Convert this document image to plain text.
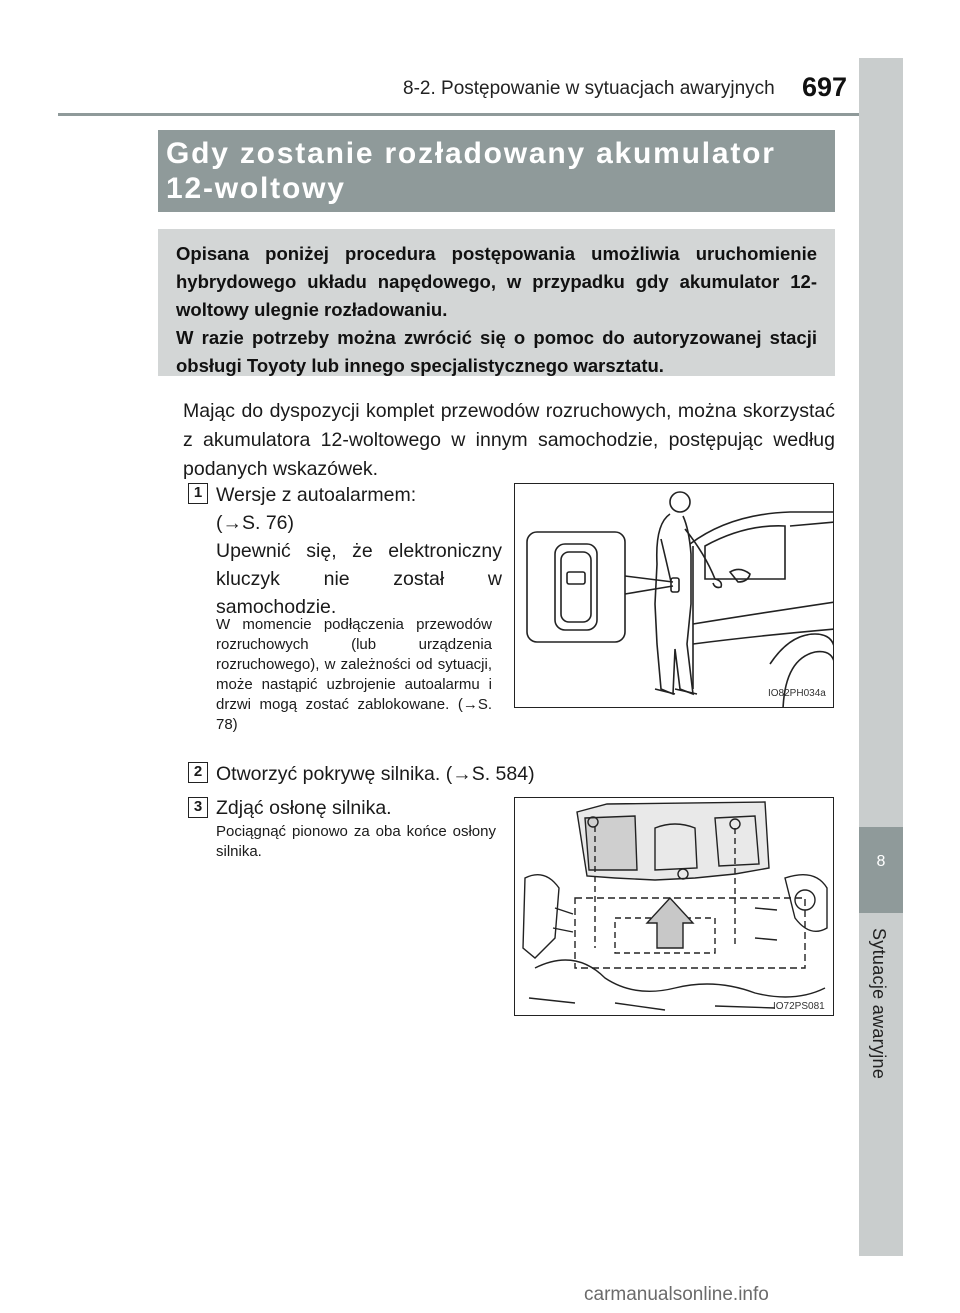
8-2. Postępowanie w sytuacjach awaryjnych 697
8
Sytuacje awaryjne
Gdy zostanie rozładowany akumulator 12-woltowy
Opisana poniżej procedura postępowania umożliwia uruchomienie hybrydowego układu napędowego, w przypadku gdy akumulator 12-woltowy ulegnie rozładowaniu.
W razie potrzeby można zwrócić się o pomoc do autoryzowanej stacji obsługi Toyoty lub innego specjalistycznego warsztatu.
Mając do dyspozycji komplet przewodów rozruchowych, można skorzystać z akumulatora 12-woltowego w innym samochodzie, postępując według podanych wskazówek.
1 Wersje z autoalarmem:
(→S. 76)
Upewnić się, że elektroniczny kluczyk nie został w samochodzie.
W momencie podłączenia przewodów rozruchowych (lub urządzenia rozruchowego), w zależności od sytuacji, może nastąpić uzbrojenie autoalarmu i drzwi mogą zostać zablokowane. (→S. 78)
IO82PH034a
2 Otworzyć pokrywę silnika. (→S. 584)
3 Zdjąć osłonę silnika.
Pociągnąć pionowo za oba końce osłony silnika.
IO72PS081
carmanualsonline.info
